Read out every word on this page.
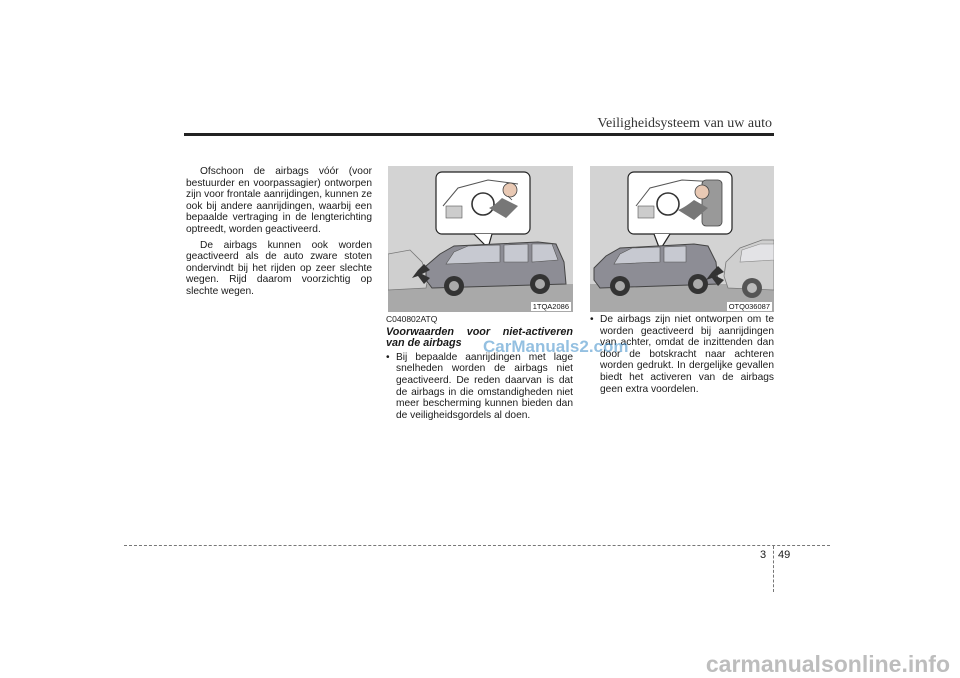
Veiligheidsysteem van uw auto

Ofschoon de airbags vóór (voor bestuurder en voorpassagier) ontworpen zijn voor frontale aanrijdingen, kunnen ze ook bij andere aanrijdingen, waarbij een bepaalde vertraging in de lengterichting optreedt, worden geactiveerd.

De airbags kunnen ook worden geactiveerd als de auto zware stoten ondervindt bij het rijden op zeer slechte wegen. Rijd daarom voorzichtig op slechte wegen.

1TQA2086	OTQ036087
C040802ATQ
Voorwaarden voor niet-activeren van de airbags
• Bij bepaalde aanrijdingen met lage snelheden worden de airbags niet geactiveerd. De reden daarvan is dat de airbags in die omstandigheden niet meer bescherming kunnen bieden dan de veiligheidsgordels al doen.
• De airbags zijn niet ontworpen om te worden geactiveerd bij aanrijdingen van achter, omdat de inzittenden dan door de botskracht naar achteren worden gedrukt. In dergelijke gevallen biedt het activeren van de airbags geen extra voordelen.
CarManuals2.com
3 49
carmanualsonline.info
